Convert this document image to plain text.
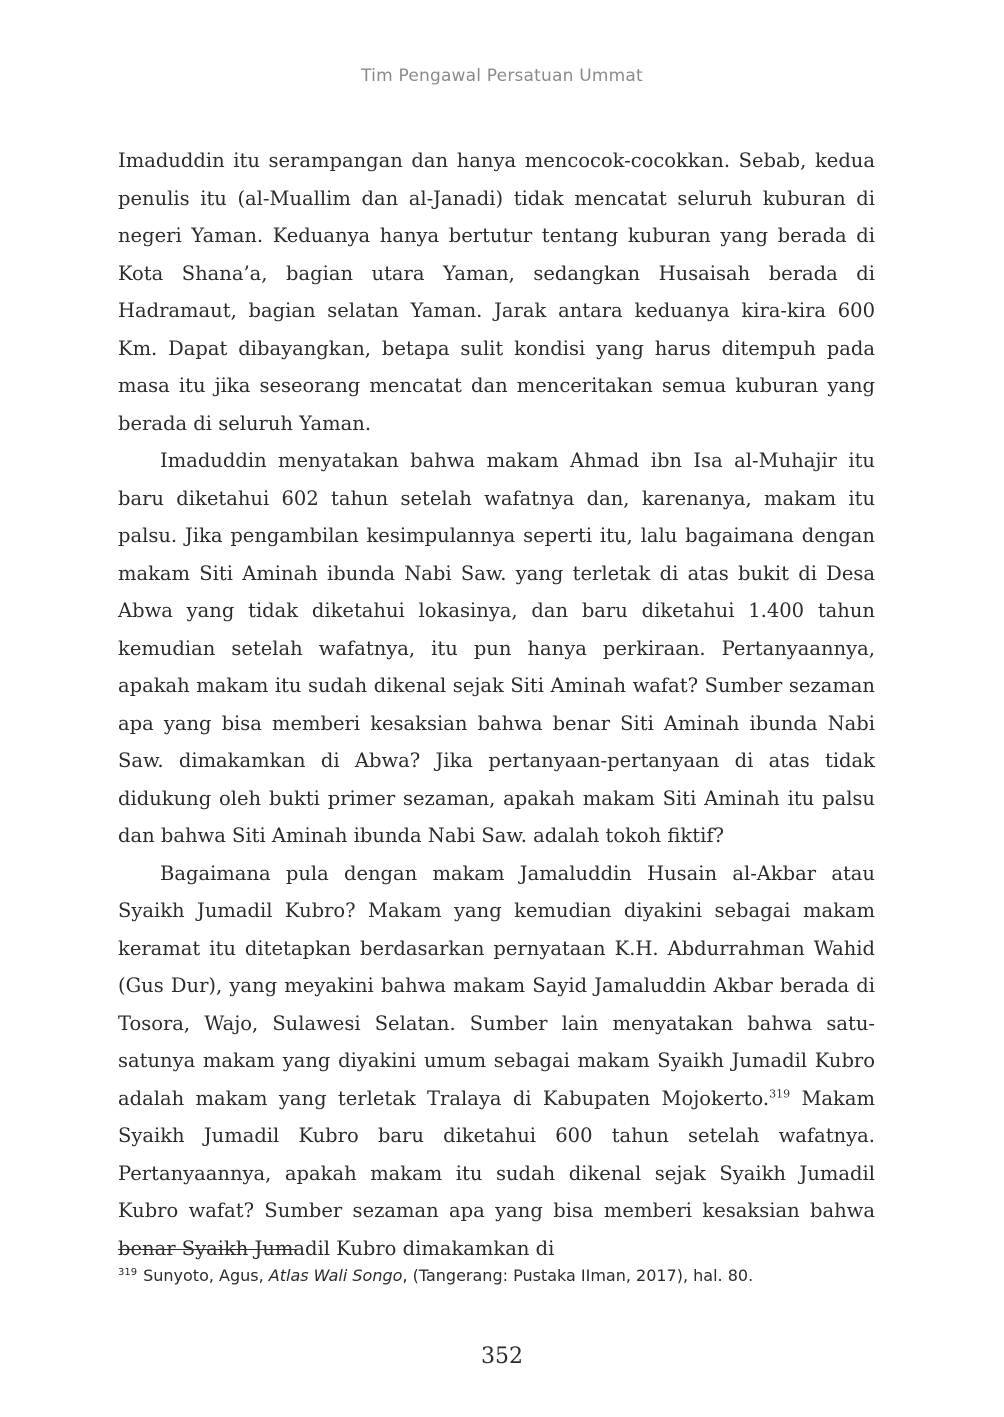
Tim Pengawal Persatuan Ummat

Imaduddin itu serampangan dan hanya mencocok-cocokkan. Sebab, kedua penulis itu (al-Muallim dan al-Janadi) tidak mencatat seluruh kuburan di negeri Yaman. Keduanya hanya bertutur tentang kuburan yang berada di Kota Shana’a, bagian utara Yaman, sedangkan Husaisah berada di Hadramaut, bagian selatan Yaman. Jarak antara keduanya kira-kira 600 Km. Dapat dibayangkan, betapa sulit kondisi yang harus ditempuh pada masa itu jika seseorang mencatat dan menceritakan semua kuburan yang berada di seluruh Yaman.

Imaduddin menyatakan bahwa makam Ahmad ibn Isa al-Muhajir itu baru diketahui 602 tahun setelah wafatnya dan, karenanya, makam itu palsu. Jika pengambilan kesimpulannya seperti itu, lalu bagaimana dengan makam Siti Aminah ibunda Nabi Saw. yang terletak di atas bukit di Desa Abwa yang tidak diketahui lokasinya, dan baru diketahui 1.400 tahun kemudian setelah wafatnya, itu pun hanya perkiraan. Pertanyaannya, apakah makam itu sudah dikenal sejak Siti Aminah wafat? Sumber sezaman apa yang bisa memberi kesaksian bahwa benar Siti Aminah ibunda Nabi Saw. dimakamkan di Abwa? Jika pertanyaan-pertanyaan di atas tidak didukung oleh bukti primer sezaman, apakah makam Siti Aminah itu palsu dan bahwa Siti Aminah ibunda Nabi Saw. adalah tokoh fiktif?

Bagaimana pula dengan makam Jamaluddin Husain al-Akbar atau Syaikh Jumadil Kubro? Makam yang kemudian diyakini sebagai makam keramat itu ditetapkan berdasarkan pernyataan K.H. Abdurrahman Wahid (Gus Dur), yang meyakini bahwa makam Sayid Jamaluddin Akbar berada di Tosora, Wajo, Sulawesi Selatan. Sumber lain menyatakan bahwa satu-satunya makam yang diyakini umum sebagai makam Syaikh Jumadil Kubro adalah makam yang terletak Tralaya di Kabupaten Mojokerto.$^{319}$ Makam Syaikh Jumadil Kubro baru diketahui 600 tahun setelah wafatnya. Pertanyaannya, apakah makam itu sudah dikenal sejak Syaikh Jumadil Kubro wafat? Sumber sezaman apa yang bisa memberi kesaksian bahwa benar Syaikh Jumadil Kubro dimakamkan di

$^{319}$ Sunyoto, Agus, Atlas Wali Songo, (Tangerang: Pustaka IIman, 2017), hal. 80.
352
